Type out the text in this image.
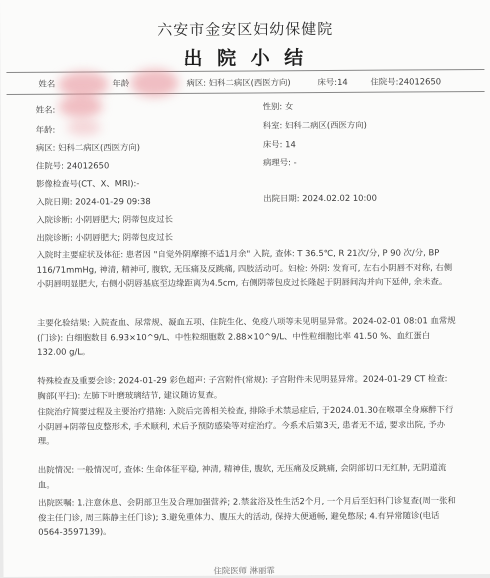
六安市金安区妇幼保健院
出 院 小 结
姓名	年龄	病区: 妇科二病区(西医方向)	床号:14	住院号:24012650
姓名:	性别: 女
年龄:	科室: 妇科二病区(西医方向)
病区: 妇科二病区(西医方向)	床号: 14
住院号: 24012650	病理号: -
影像检查号(CT、X、MRI):-
入院日期: 2024-01-29 09:38	出院日期: 2024.02.02 10:00
入院诊断: 小阴唇肥大; 阴蒂包皮过长
出院诊断: 小阴唇肥大; 阴蒂包皮过长
入院时主要症状及体征: 患者因 "自觉外阴摩擦不适1月余" 入院, 查体: T 36.5℃, R 21次/分, P 90 次/分, BP 116/71mmHg, 神清, 精神可, 腹软, 无压痛及反跳痛, 四肢活动可。妇检: 外阴: 发育可, 左右小阴唇不对称, 右侧小阴唇明显肥大, 右侧小阴唇基底至边缘距离为4.5cm, 右侧阴蒂包皮过长隆起于阴唇间沟并向下延伸, 余未查。
主要化验结果: 入院查血、尿常规、凝血五项、住院生化、免疫八项等未见明显异常。2024-02-01 08:01 血常规(门诊): 白细胞数目 6.93×10^9/L、中性粒细胞数 2.88×10^9/L、中性粒细胞比率 41.50 %、血红蛋白 132.00 g/L。
特殊检查及重要会诊: 2024-01-29 彩色超声: 子宫附件(常规): 子宫附件未见明显异常。2024-01-29 CT 检查: 胸部(平扫): 左肺下叶磨玻璃结节, 建议随访复查。
住院治疗简要过程及主要治疗措施: 入院后完善相关检查, 排除手术禁忌症后, 于2024.01.30在喉罩全身麻醉下行小阴唇+阴蒂包皮整形术, 手术顺利, 术后予预防感染等对症治疗。今系术后第3天, 患者无不适, 要求出院, 予办理。
出院情况: 一般情况可, 查体: 生命体征平稳, 神清, 精神佳, 腹软, 无压痛及反跳痛, 会阴部切口无红肿, 无阴道流血。
出院医嘱: 1.注意休息、会阴部卫生及合理加强营养; 2.禁盆浴及性生活2个月, 一个月后至妇科门诊复查(周一张和俊主任门诊, 周三陈静主任门诊); 3.避免重体力、腹压大的活动, 保持大便通畅, 避免憋尿; 4.有异常随诊(电话0564-3597139)。
住院医师 淋丽霏
